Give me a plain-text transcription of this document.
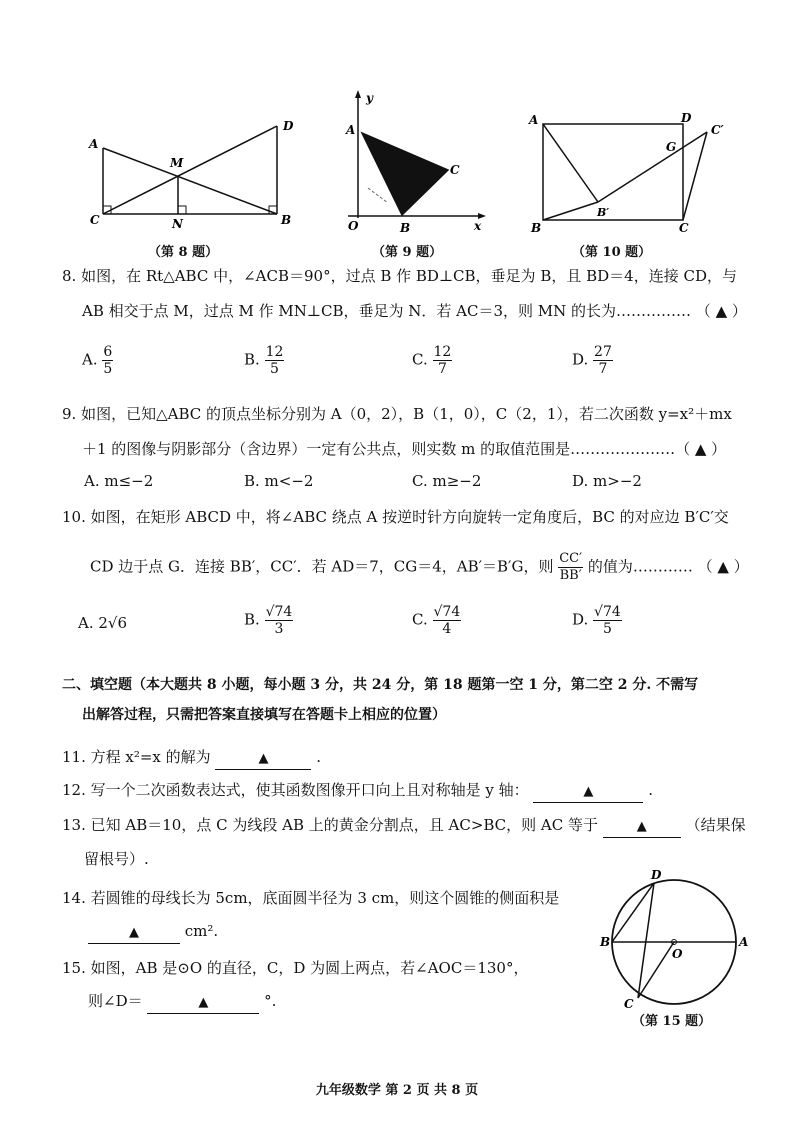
A
D
M
C	N	B
（第 8 题）
y
A
C
O	B	x
（第 9 题）
A	D
C′
G
B′
B	C
（第 10 题）
8. 如图，在 Rt△ABC 中，∠ACB＝90°，过点 B 作 BD⊥CB，垂足为 B，且 BD＝4，连接 CD，与
AB 相交于点 M，过点 M 作 MN⊥CB，垂足为 N．若 AC＝3，则 MN 的长为…………… （ ▲ ）
A. $\frac{6}{5}$	B. $\frac{12}{5}$	C. $\frac{12}{7}$	D. $\frac{27}{7}$
9. 如图，已知△ABC 的顶点坐标分别为 A（0，2），B（1，0），C（2，1），若二次函数 y=x²＋mx
＋1 的图像与阴影部分（含边界）一定有公共点，则实数 m 的取值范围是…………………（ ▲ ）
A. m≤−2	B. m<−2	C. m≥−2	D. m>−2
10. 如图，在矩形 ABCD 中，将∠ABC 绕点 A 按逆时针方向旋转一定角度后，BC 的对应边 B′C′交
CD 边于点 G．连接 BB′，CC′．若 AD＝7，CG＝4，AB′＝B′G，则 $\frac{CC'}{BB'}$ 的值为………… （ ▲ ）
A. 2√6	B. $\frac{√74}{3}$	C. $\frac{√74}{4}$	D. $\frac{√74}{5}$
二、填空题（本大题共 8 小题，每小题 3 分，共 24 分，第 18 题第一空 1 分，第二空 2 分. 不需写
出解答过程，只需把答案直接填写在答题卡上相应的位置）
11. 方程 x²=x 的解为	▲	.
12. 写一个二次函数表达式，使其函数图像开口向上且对称轴是 y 轴：	▲	.
13. 已知 AB＝10，点 C 为线段 AB 上的黄金分割点，且 AC>BC，则 AC 等于	▲	（结果保
留根号）.
14. 若圆锥的母线长为 5cm，底面圆半径为 3 cm，则这个圆锥的侧面积是
▲	cm².
15. 如图，AB 是⊙O 的直径，C，D 为圆上两点，若∠AOC＝130°，
则∠D＝	▲	°.
D
B
O
A
C
（第 15 题）
九年级数学 第 2 页 共 8 页
